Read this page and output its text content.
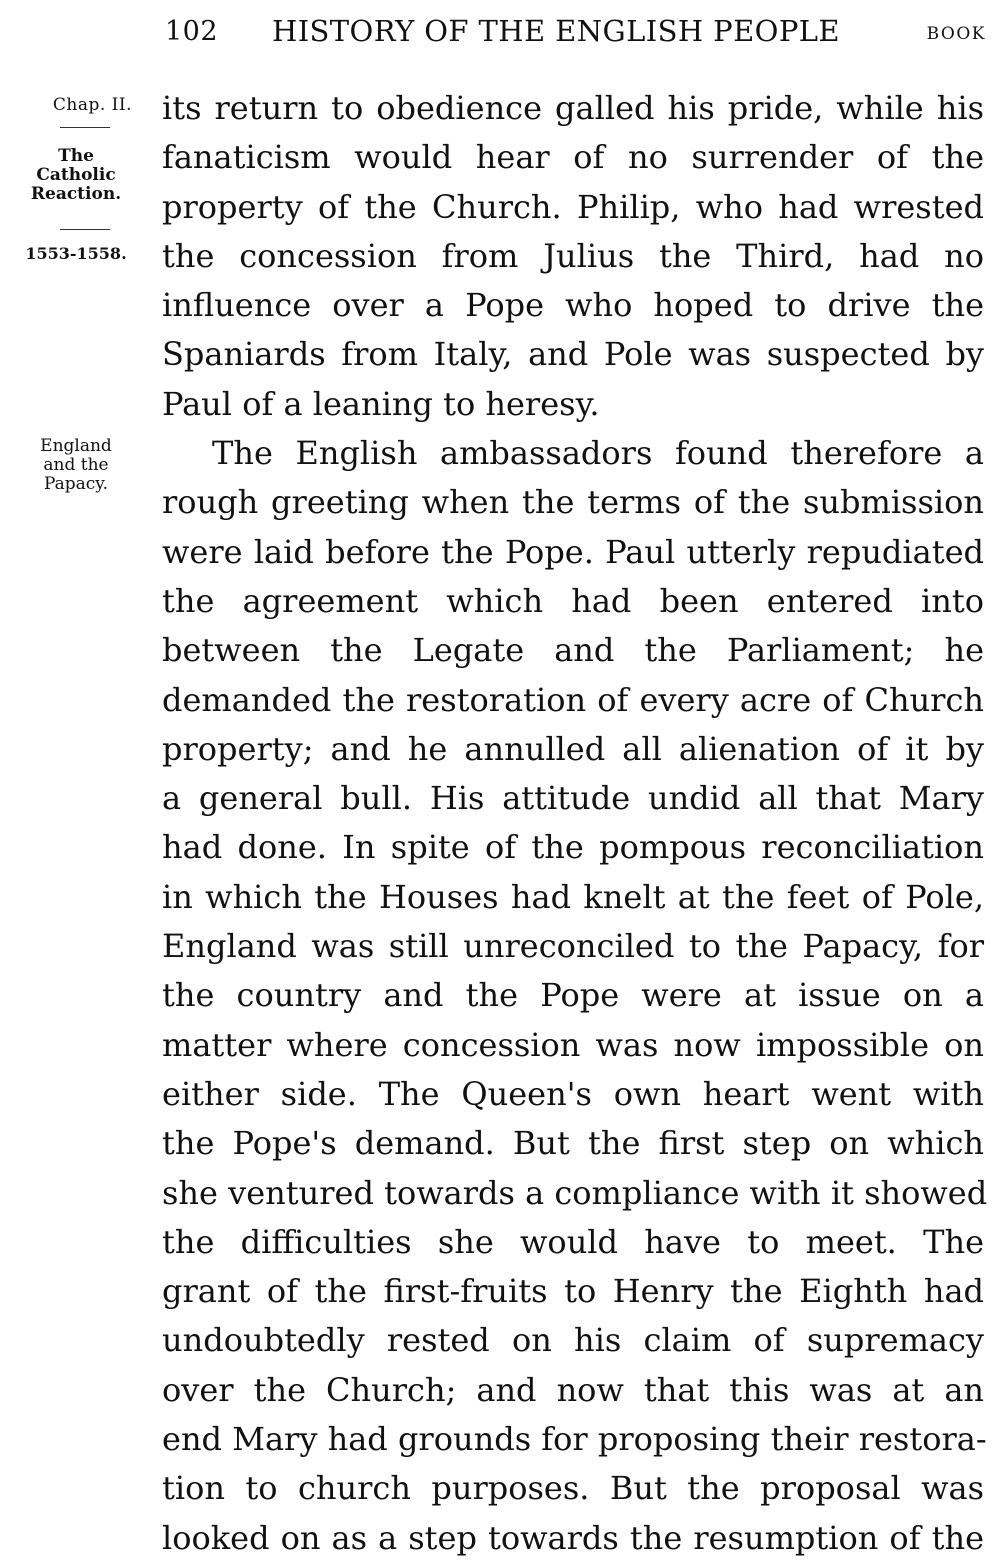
102 HISTORY OF THE ENGLISH PEOPLE	BOOK
Chap. II.
The
Catholic
Reaction.
1553-1558.
England
and the
Papacy.
its return to obedience galled his pride, while his
fanaticism would hear of no surrender of the
property of the Church. Philip, who had wrested
the concession from Julius the Third, had no
influence over a Pope who hoped to drive the
Spaniards from Italy, and Pole was suspected by
Paul of a leaning to heresy.
The English ambassadors found therefore a
rough greeting when the terms of the submission
were laid before the Pope. Paul utterly repudiated
the agreement which had been entered into
between the Legate and the Parliament; he
demanded the restoration of every acre of Church
property; and he annulled all alienation of it by
a general bull. His attitude undid all that Mary
had done. In spite of the pompous reconciliation
in which the Houses had knelt at the feet of Pole,
England was still unreconciled to the Papacy, for
the country and the Pope were at issue on a
matter where concession was now impossible on
either side. The Queen's own heart went with
the Pope's demand. But the first step on which
she ventured towards a compliance with it showed
the difficulties she would have to meet. The
grant of the first-fruits to Henry the Eighth had
undoubtedly rested on his claim of supremacy
over the Church; and now that this was at an
end Mary had grounds for proposing their restora-
tion to church purposes. But the proposal was
looked on as a step towards the resumption of the
